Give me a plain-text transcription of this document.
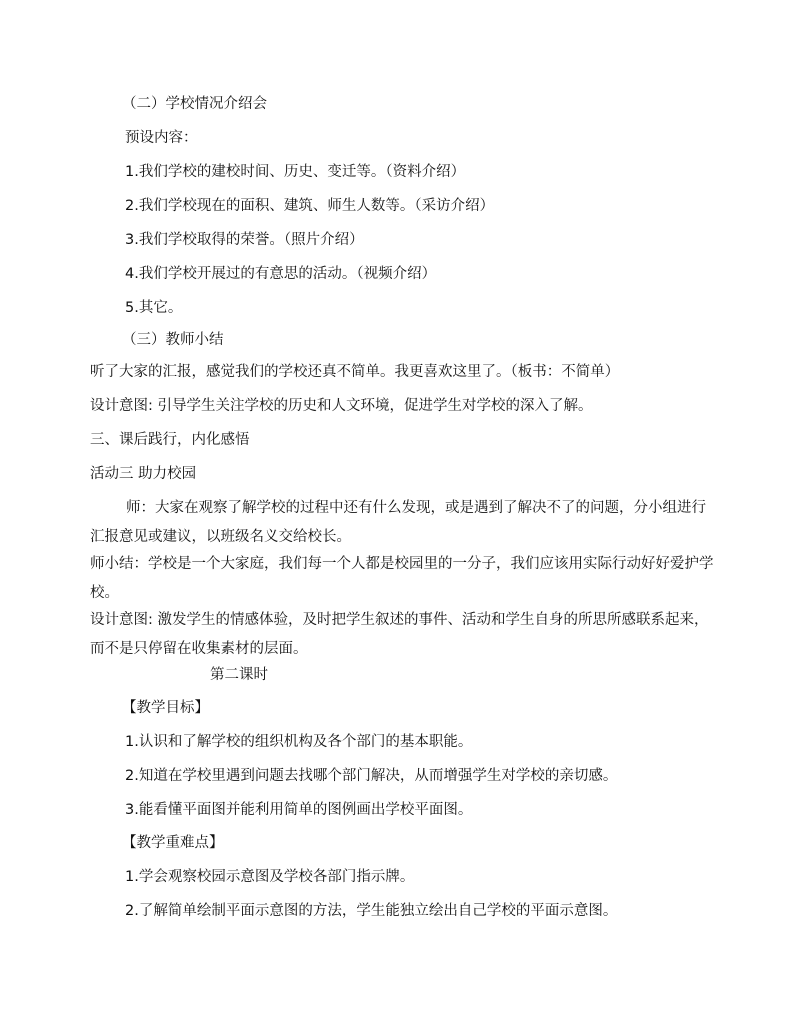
（二）学校情况介绍会
预设内容：
1.我们学校的建校时间、历史、变迁等。（资料介绍）
2.我们学校现在的面积、建筑、师生人数等。（采访介绍）
3.我们学校取得的荣誉。（照片介绍）
4.我们学校开展过的有意思的活动。（视频介绍）
5.其它。
（三）教师小结
听了大家的汇报，感觉我们的学校还真不简单。我更喜欢这里了。（板书：不简单）
设计意图: 引导学生关注学校的历史和人文环境，促进学生对学校的深入了解。
三、课后践行，内化感悟
活动三 助力校园
师：大家在观察了解学校的过程中还有什么发现，或是遇到了解决不了的问题，分小组进行汇报意见或建议，以班级名义交给校长。
师小结：学校是一个大家庭，我们每一个人都是校园里的一分子，我们应该用实际行动好好爱护学校。
设计意图: 激发学生的情感体验，及时把学生叙述的事件、活动和学生自身的所思所感联系起来，而不是只停留在收集素材的层面。
第二课时
【教学目标】
1.认识和了解学校的组织机构及各个部门的基本职能。
2.知道在学校里遇到问题去找哪个部门解决，从而增强学生对学校的亲切感。
3.能看懂平面图并能利用简单的图例画出学校平面图。
【教学重难点】
1.学会观察校园示意图及学校各部门指示牌。
2.了解简单绘制平面示意图的方法，学生能独立绘出自己学校的平面示意图。
